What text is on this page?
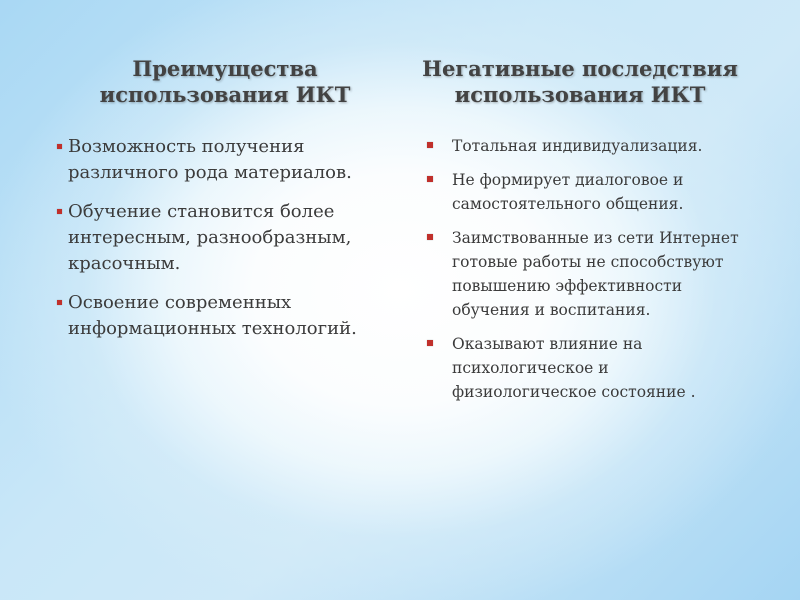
Преимущества
использования ИКТ
Возможность получения различного рода материалов.
Обучение становится более интересным, разнообразным, красочным.
Освоение современных информационных технологий.
Негативные последствия
использования ИКТ
Тотальная индивидуализация.
Не формирует диалоговое и самостоятельного общения.
Заимствованные из сети Интернет готовые работы не способствуют повышению эффективности обучения и воспитания.
Оказывают влияние на психологическое и физиологическое состояние .
